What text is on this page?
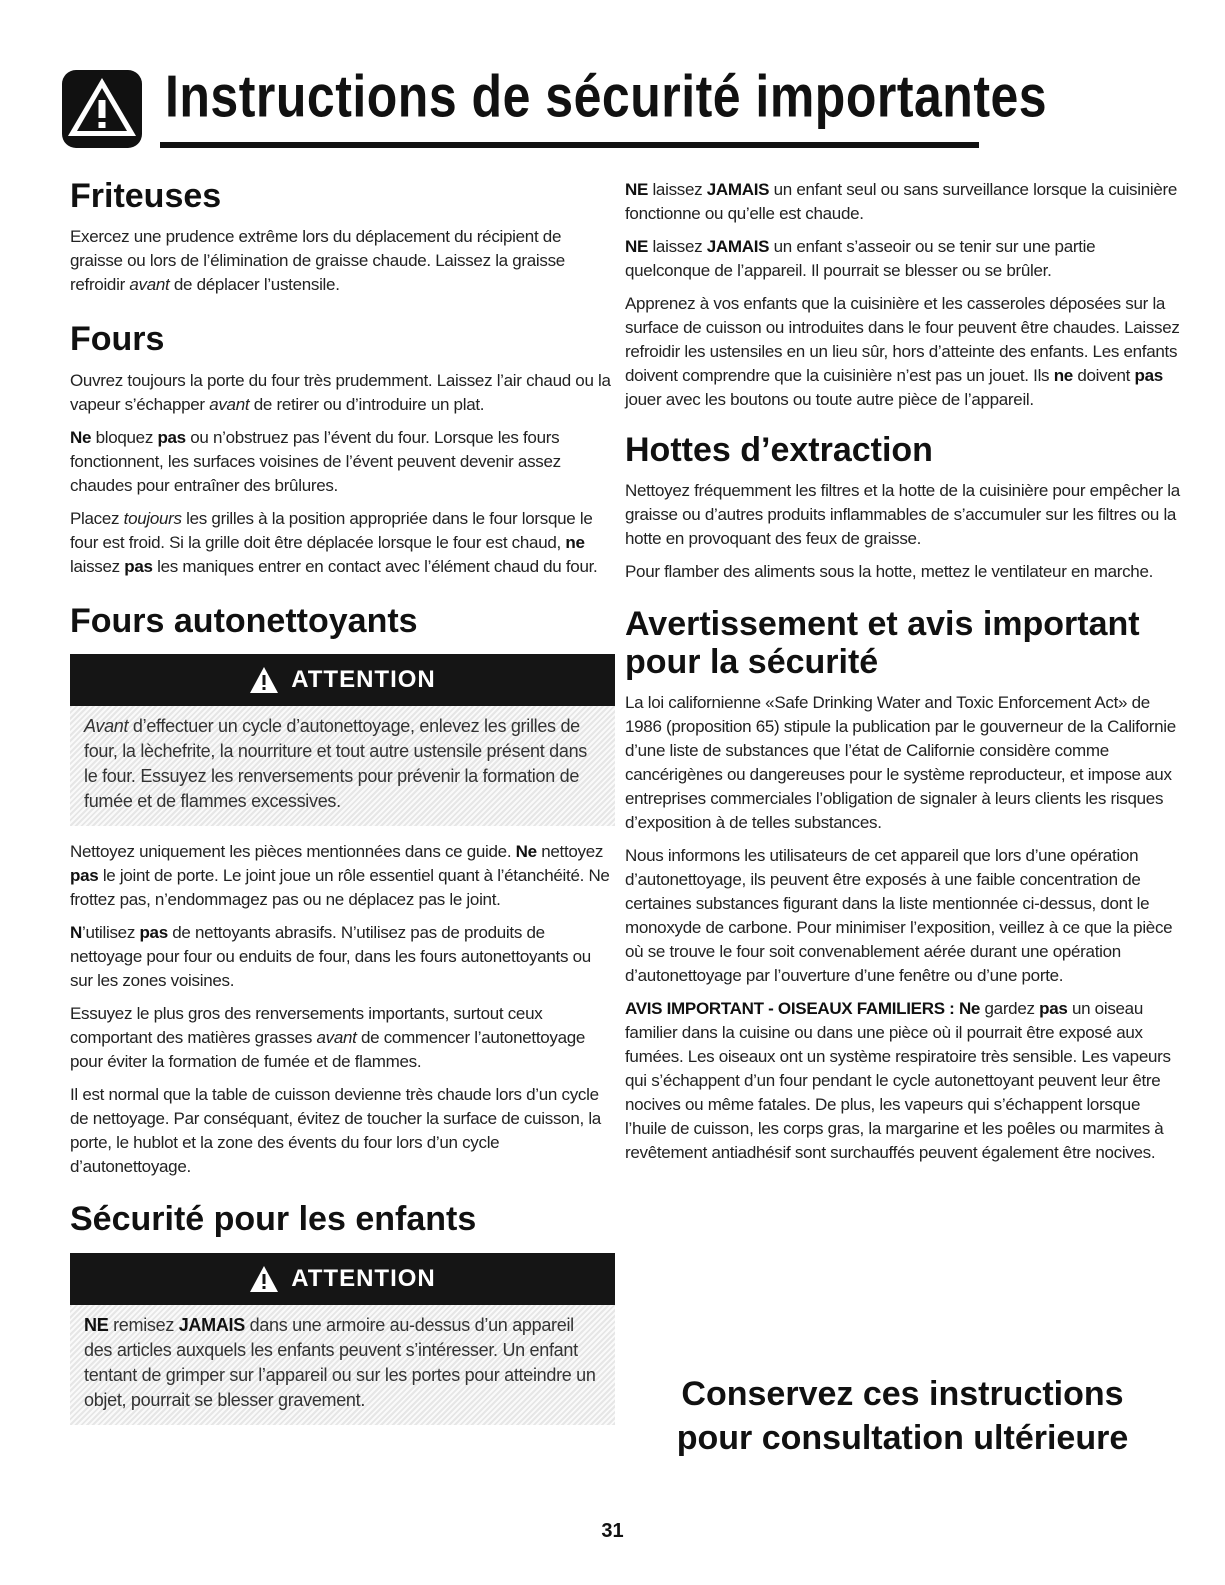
Instructions de sécurité importantes
Friteuses

Exercez une prudence extrême lors du déplacement du récipient de graisse ou lors de l’élimination de graisse chaude. Laissez la graisse refroidir avant de déplacer l’ustensile.

Fours

Ouvrez toujours la porte du four très prudemment. Laissez l’air chaud ou la vapeur s’échapper avant de retirer ou d’introduire un plat.

Ne bloquez pas ou n’obstruez pas l’évent du four. Lorsque les fours fonctionnent, les surfaces voisines de l’évent peuvent devenir assez chaudes pour entraîner des brûlures.

Placez toujours les grilles à la position appropriée dans le four lorsque le four est froid. Si la grille doit être déplacée lorsque le four est chaud, ne laissez pas les maniques entrer en contact avec l’élément chaud du four.

Fours autonettoyants
ATTENTION

Avant d’effectuer un cycle d’autonettoyage, enlevez les grilles de four, la lèchefrite, la nourriture et tout autre ustensile présent dans le four. Essuyez les renversements pour prévenir la formation de fumée et de flammes excessives.

Nettoyez uniquement les pièces mentionnées dans ce guide. Ne nettoyez pas le joint de porte. Le joint joue un rôle essentiel quant à l’étanchéité. Ne frottez pas, n’endommagez pas ou ne déplacez pas le joint.

N’utilisez pas de nettoyants abrasifs. N’utilisez pas de produits de nettoyage pour four ou enduits de four, dans les fours autonettoyants ou sur les zones voisines.

Essuyez le plus gros des renversements importants, surtout ceux comportant des matières grasses avant de commencer l’autonettoyage pour éviter la formation de fumée et de flammes.

Il est normal que la table de cuisson devienne très chaude lors d’un cycle de nettoyage. Par conséquant, évitez de toucher la surface de cuisson, la porte, le hublot et la zone des évents du four lors d’un cycle d’autonettoyage.

Sécurité pour les enfants
ATTENTION

NE remisez JAMAIS dans une armoire au-dessus d’un appareil des articles auxquels les enfants peuvent s’intéresser. Un enfant tentant de grimper sur l’appareil ou sur les portes pour atteindre un objet, pourrait se blesser gravement.

NE laissez JAMAIS un enfant seul ou sans surveillance lorsque la cuisinière fonctionne ou qu’elle est chaude.

NE laissez JAMAIS un enfant s’asseoir ou se tenir sur une partie quelconque de l’appareil. Il pourrait se blesser ou se brûler.

Apprenez à vos enfants que la cuisinière et les casseroles déposées sur la surface de cuisson ou introduites dans le four peuvent être chaudes. Laissez refroidir les ustensiles en un lieu sûr, hors d’atteinte des enfants. Les enfants doivent comprendre que la cuisinière n’est pas un jouet. Ils ne doivent pas jouer avec les boutons ou toute autre pièce de l’appareil.

Hottes d’extraction

Nettoyez fréquemment les filtres et la hotte de la cuisinière pour empêcher la graisse ou d’autres produits inflammables de s’accumuler sur les filtres ou la hotte en provoquant des feux de graisse.

Pour flamber des aliments sous la hotte, mettez le ventilateur en marche.

Avertissement et avis important pour la sécurité

La loi californienne «Safe Drinking Water and Toxic Enforcement Act» de 1986 (proposition 65) stipule la publication par le gouverneur de la Californie d’une liste de substances que l’état de Californie considère comme cancérigènes ou dangereuses pour le système reproducteur, et impose aux entreprises commerciales l’obligation de signaler à leurs clients les risques d’exposition à de telles substances.

Nous informons les utilisateurs de cet appareil que lors d’une opération d’autonettoyage, ils peuvent être exposés à une faible concentration de certaines substances figurant dans la liste mentionnée ci-dessus, dont le monoxyde de carbone. Pour minimiser l’exposition, veillez à ce que la pièce où se trouve le four soit convenablement aérée durant une opération d’autonettoyage par l’ouverture d’une fenêtre ou d’une porte.

AVIS IMPORTANT - OISEAUX FAMILIERS : Ne gardez pas un oiseau familier dans la cuisine ou dans une pièce où il pourrait être exposé aux fumées. Les oiseaux ont un système respiratoire très sensible. Les vapeurs qui s’échappent d’un four pendant le cycle autonettoyant peuvent leur être nocives ou même fatales. De plus, les vapeurs qui s’échappent lorsque l’huile de cuisson, les corps gras, la margarine et les poêles ou marmites à revêtement antiadhésif sont surchauffés peuvent également être nocives.

Conservez ces instructions
pour consultation ultérieure
31
